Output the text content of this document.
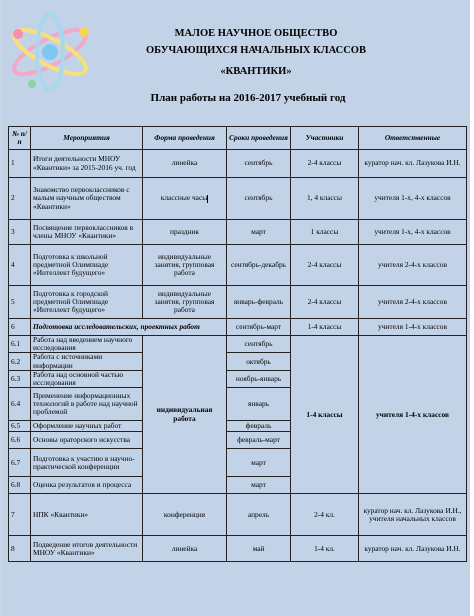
МАЛОЕ НАУЧНОЕ ОБЩЕСТВО
ОБУЧАЮЩИХСЯ НАЧАЛЬНЫХ КЛАССОВ
«КВАНТИКИ»
План работы на 2016-2017 учебный год
№ п/п	Мероприятия	Форма проведения	Сроки проведения	Участники	Ответственные
1	Итоги деятельности МНОУ «Квантики» за 2015-2016 уч. год	линейка	сентябрь	2-4 классы	куратор нач. кл. Лазукова И.Н.
2	Знакомство первоклассников с малым научным обществом «Квантики»	классные часы	сентябрь	1, 4 классы	учителя 1-х, 4-х классов
3	Посвящение первоклассников в члены МНОУ «Квантики»	праздник	март	1 классы	учителя 1-х, 4-х классов
4	Подготовка к школьной предметной Олимпиаде «Интеллект будущего»	индивидуальные занятия, групповая работа	сентябрь-декабрь	2-4 классы	учителя 2-4-х классов
5	Подготовка к городской предметной Олимпиаде «Интеллект будущего»	индивидуальные занятия, групповая работа	январь-февраль	2-4 классы	учителя 2-4-х классов
6	Подготовка исследовательских, проектных работ		сентябрь-март	1-4 классы	учителя 1-4-х классов
6.1	Работа над введением научного исследования	индивидуальная работа	сентябрь	1-4 классы	учителя 1-4-х классов
6.2	Работа с источниками информации		октябрь		
6.3	Работа над основной частью исследования		ноябрь-январь		
6.4	Применение информационных технологий в работе над научной проблемой		январь		
6.5	Оформление научных работ		февраль		
6.6	Основы ораторского искусства		февраль-март		
6.7	Подготовка к участию в научно-практической конференции		март		
6.8	Оценка результатов и процесса		март		
7	НПК «Квантики»	конференция	апрель	2-4 кл.	куратор нач. кл. Лазукова И.Н., учителя начальных классов
8	Подведение итогов деятельности МНОУ «Квантики»	линейка	май	1-4 кл.	куратор нач. кл. Лазукова И.Н.
